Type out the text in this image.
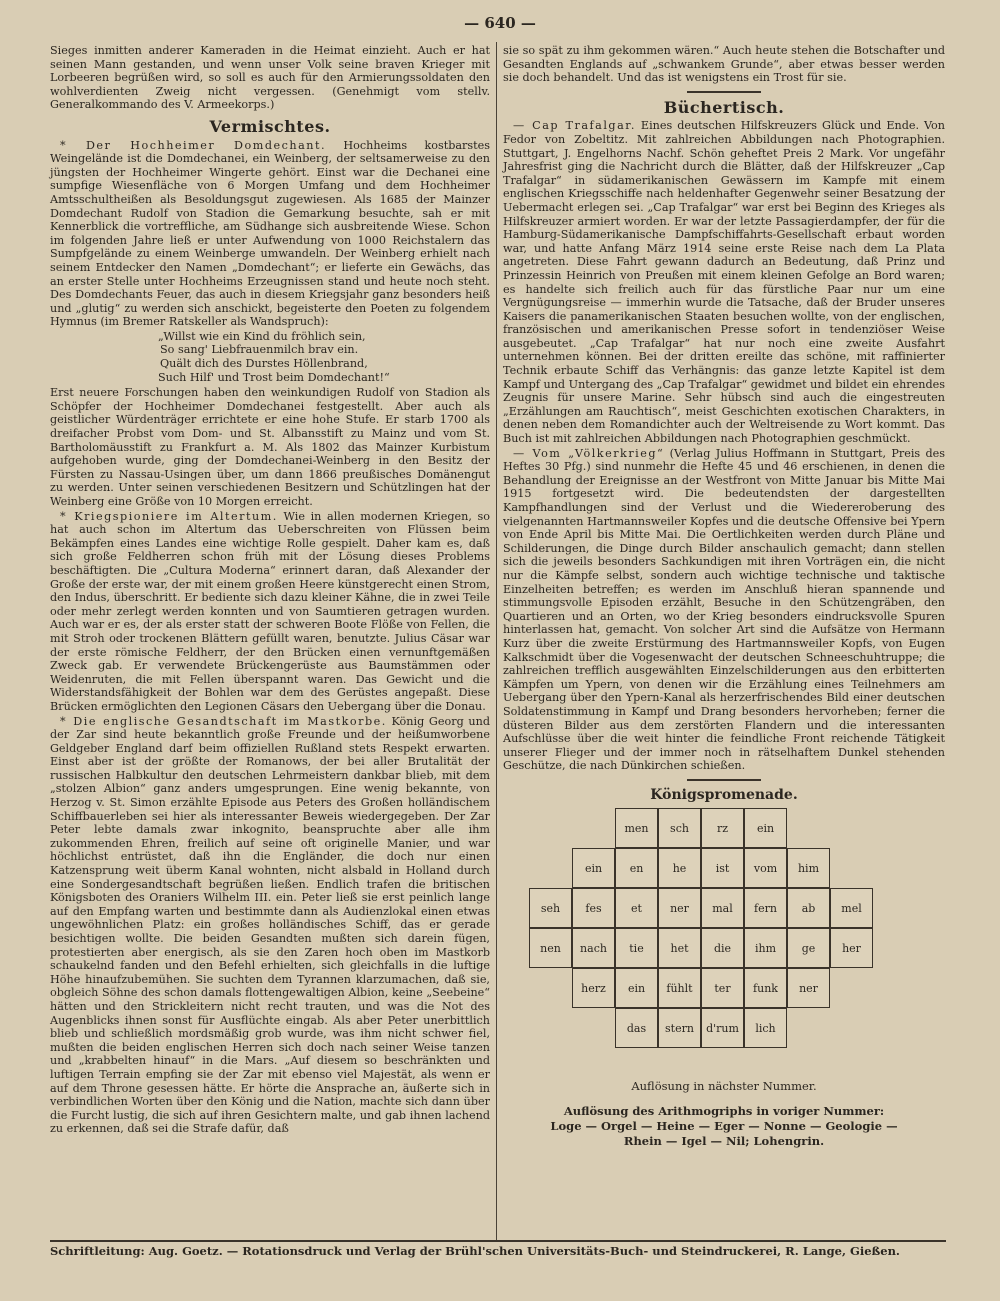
— 640 —

Sieges inmitten anderer Kameraden in die Heimat einzieht. Auch er hat seinen Mann gestanden, und wenn unser Volk seine braven Krieger mit Lorbeeren begrüßen wird, so soll es auch für den Armierungssoldaten den wohlverdienten Zweig nicht vergessen. (Genehmigt vom stellv. Generalkommando des V. Armeekorps.)

Vermischtes.

* Der Hochheimer Domdechant. Hochheims kostbarstes Weingelände ist die Domdechanei, ein Weinberg, der seltsamerweise zu den jüngsten der Hochheimer Wingerte gehört. Einst war die Dechanei eine sumpfige Wiesenfläche von 6 Morgen Umfang und dem Hochheimer Amtsschultheißen als Besoldungsgut zugewiesen. Als 1685 der Mainzer Domdechant Rudolf von Stadion die Gemarkung besuchte, sah er mit Kennerblick die vortreffliche, am Südhange sich ausbreitende Wiese. Schon im folgenden Jahre ließ er unter Aufwendung von 1000 Reichstalern das Sumpfgelände zu einem Weinberge umwandeln. Der Weinberg erhielt nach seinem Entdecker den Namen „Domdechant“; er lieferte ein Gewächs, das an erster Stelle unter Hochheims Erzeugnissen stand und heute noch steht. Des Domdechants Feuer, das auch in diesem Kriegsjahr ganz besonders heiß und „glutig“ zu werden sich anschickt, begeisterte den Poeten zu folgendem Hymnus (im Bremer Ratskeller als Wandspruch):

„Willst wie ein Kind du fröhlich sein,
So sang' Liebfrauenmilch brav ein.
Quält dich des Durstes Höllenbrand,
Such Hilf' und Trost beim Domdechant!“

Erst neuere Forschungen haben den weinkundigen Rudolf von Stadion als Schöpfer der Hochheimer Domdechanei festgestellt. Aber auch als geistlicher Würdenträger errichtete er eine hohe Stufe. Er starb 1700 als dreifacher Probst vom Dom- und St. Albansstift zu Mainz und vom St. Bartholomäusstift zu Frankfurt a. M. Als 1802 das Mainzer Kurbistum aufgehoben wurde, ging der Domdechanei-Weinberg in den Besitz der Fürsten zu Nassau-Usingen über, um dann 1866 preußisches Domänengut zu werden. Unter seinen verschiedenen Besitzern und Schützlingen hat der Weinberg eine Größe von 10 Morgen erreicht.

* Kriegspioniere im Altertum. Wie in allen modernen Kriegen, so hat auch schon im Altertum das Ueberschreiten von Flüssen beim Bekämpfen eines Landes eine wichtige Rolle gespielt. Daher kam es, daß sich große Feldherren schon früh mit der Lösung dieses Problems beschäftigten. Die „Cultura Moderna“ erinnert daran, daß Alexander der Große der erste war, der mit einem großen Heere künstgerecht einen Strom, den Indus, überschritt. Er bediente sich dazu kleiner Kähne, die in zwei Teile oder mehr zerlegt werden konnten und von Saumtieren getragen wurden. Auch war er es, der als erster statt der schweren Boote Flöße von Fellen, die mit Stroh oder trockenen Blättern gefüllt waren, benutzte. Julius Cäsar war der erste römische Feldherr, der den Brücken einen vernunftgemäßen Zweck gab. Er verwendete Brückengerüste aus Baumstämmen oder Weidenruten, die mit Fellen überspannt waren. Das Gewicht und die Widerstandsfähigkeit der Bohlen war dem des Gerüstes angepaßt. Diese Brücken ermöglichten den Legionen Cäsars den Uebergang über die Donau.

* Die englische Gesandtschaft im Mastkorbe. König Georg und der Zar sind heute bekanntlich große Freunde und der heißumworbene Geldgeber England darf beim offiziellen Rußland stets Respekt erwarten. Einst aber ist der größte der Romanows, der bei aller Brutalität der russischen Halbkultur den deutschen Lehrmeistern dankbar blieb, mit dem „stolzen Albion“ ganz anders umgesprungen. Eine wenig bekannte, von Herzog v. St. Simon erzählte Episode aus Peters des Großen holländischem Schiffbauerleben sei hier als interessanter Beweis wiedergegeben. Der Zar Peter lebte damals zwar inkognito, beanspruchte aber alle ihm zukommenden Ehren, freilich auf seine oft originelle Manier, und war höchlichst entrüstet, daß ihn die Engländer, die doch nur einen Katzensprung weit überm Kanal wohnten, nicht alsbald in Holland durch eine Sondergesandtschaft begrüßen ließen. Endlich trafen die britischen Königsboten des Oraniers Wilhelm III. ein. Peter ließ sie erst peinlich lange auf den Empfang warten und bestimmte dann als Audienzlokal einen etwas ungewöhnlichen Platz: ein großes holländisches Schiff, das er gerade besichtigen wollte. Die beiden Gesandten mußten sich darein fügen, protestierten aber energisch, als sie den Zaren hoch oben im Mastkorb schaukelnd fanden und den Befehl erhielten, sich gleichfalls in die luftige Höhe hinaufzubemühen. Sie suchten dem Tyrannen klarzumachen, daß sie, obgleich Söhne des schon damals flottengewaltigen Albion, keine „Seebeine“ hätten und den Strickleitern nicht recht trauten, und was die Not des Augenblicks ihnen sonst für Ausflüchte eingab. Als aber Peter unerbittlich blieb und schließlich mordsmäßig grob wurde, was ihm nicht schwer fiel, mußten die beiden englischen Herren sich doch nach seiner Weise tanzen und „krabbelten hinauf“ in die Mars. „Auf diesem so beschränkten und luftigen Terrain empfing sie der Zar mit ebenso viel Majestät, als wenn er auf dem Throne gesessen hätte. Er hörte die Ansprache an, äußerte sich in verbindlichen Worten über den König und die Nation, machte sich dann über die Furcht lustig, die sich auf ihren Gesichtern malte, und gab ihnen lachend zu erkennen, daß sei die Strafe dafür, daß

sie so spät zu ihm gekommen wären.“ Auch heute stehen die Botschafter und Gesandten Englands auf „schwankem Grunde“, aber etwas besser werden sie doch behandelt. Und das ist wenigstens ein Trost für sie.

Büchertisch.

— Cap Trafalgar. Eines deutschen Hilfskreuzers Glück und Ende. Von Fedor von Zobeltitz. Mit zahlreichen Abbildungen nach Photographien. Stuttgart, J. Engelhorns Nachf. Schön geheftet Preis 2 Mark. Vor ungefähr Jahresfrist ging die Nachricht durch die Blätter, daß der Hilfskreuzer „Cap Trafalgar“ in südamerikanischen Gewässern im Kampfe mit einem englischen Kriegsschiffe nach heldenhafter Gegenwehr seiner Besatzung der Uebermacht erlegen sei. „Cap Trafalgar“ war erst bei Beginn des Krieges als Hilfskreuzer armiert worden. Er war der letzte Passagierdampfer, der für die Hamburg-Südamerikanische Dampfschiffahrts-Gesellschaft erbaut worden war, und hatte Anfang März 1914 seine erste Reise nach dem La Plata angetreten. Diese Fahrt gewann dadurch an Bedeutung, daß Prinz und Prinzessin Heinrich von Preußen mit einem kleinen Gefolge an Bord waren; es handelte sich freilich auch für das fürstliche Paar nur um eine Vergnügungsreise — immerhin wurde die Tatsache, daß der Bruder unseres Kaisers die panamerikanischen Staaten besuchen wollte, von der englischen, französischen und amerikanischen Presse sofort in tendenziöser Weise ausgebeutet. „Cap Trafalgar“ hat nur noch eine zweite Ausfahrt unternehmen können. Bei der dritten ereilte das schöne, mit raffinierter Technik erbaute Schiff das Verhängnis: das ganze letzte Kapitel ist dem Kampf und Untergang des „Cap Trafalgar“ gewidmet und bildet ein ehrendes Zeugnis für unsere Marine. Sehr hübsch sind auch die eingestreuten „Erzählungen am Rauchtisch“, meist Geschichten exotischen Charakters, in denen neben dem Romandichter auch der Weltreisende zu Wort kommt. Das Buch ist mit zahlreichen Abbildungen nach Photographien geschmückt.

— Vom „Völkerkrieg“ (Verlag Julius Hoffmann in Stuttgart, Preis des Heftes 30 Pfg.) sind nunmehr die Hefte 45 und 46 erschienen, in denen die Behandlung der Ereignisse an der Westfront von Mitte Januar bis Mitte Mai 1915 fortgesetzt wird. Die bedeutendsten der dargestellten Kampfhandlungen sind der Verlust und die Wiedereroberung des vielgenannten Hartmannsweiler Kopfes und die deutsche Offensive bei Ypern von Ende April bis Mitte Mai. Die Oertlichkeiten werden durch Pläne und Schilderungen, die Dinge durch Bilder anschaulich gemacht; dann stellen sich die jeweils besonders Sachkundigen mit ihren Vorträgen ein, die nicht nur die Kämpfe selbst, sondern auch wichtige technische und taktische Einzelheiten betreffen; es werden im Anschluß hieran spannende und stimmungsvolle Episoden erzählt, Besuche in den Schützengräben, den Quartieren und an Orten, wo der Krieg besonders eindrucksvolle Spuren hinterlassen hat, gemacht. Von solcher Art sind die Aufsätze von Hermann Kurz über die zweite Erstürmung des Hartmannsweiler Kopfs, von Eugen Kalkschmidt über die Vogesenwacht der deutschen Schneeschuhtruppe; die zahlreichen trefflich ausgewählten Einzelschilderungen aus den erbitterten Kämpfen um Ypern, von denen wir die Erzählung eines Teilnehmers am Uebergang über den Ypern-Kanal als herzerfrischendes Bild einer deutschen Soldatenstimmung in Kampf und Drang besonders hervorheben; ferner die düsteren Bilder aus dem zerstörten Flandern und die interessanten Aufschlüsse über die weit hinter die feindliche Front reichende Tätigkeit unserer Flieger und der immer noch in rätselhaftem Dunkel stehenden Geschütze, die nach Dünkirchen schießen.

Königspromenade.
men	sch	rz	ein
ein	en	he	ist	vom	him
seh	fes	et	ner	mal	fern	ab	mel
nen	nach	tie	het	die	ihm	ge	her
herz	ein	fühlt	ter	funk	ner
das	stern	d'rum	lich
Auflösung in nächster Nummer.
Auflösung des Arithmogriphs in voriger Nummer:
Loge — Orgel — Heine — Eger — Nonne — Geologie —
Rhein — Igel — Nil; Lohengrin.
Schriftleitung: Aug. Goetz. — Rotationsdruck und Verlag der Brühl'schen Universitäts-Buch- und Steindruckerei, R. Lange, Gießen.
